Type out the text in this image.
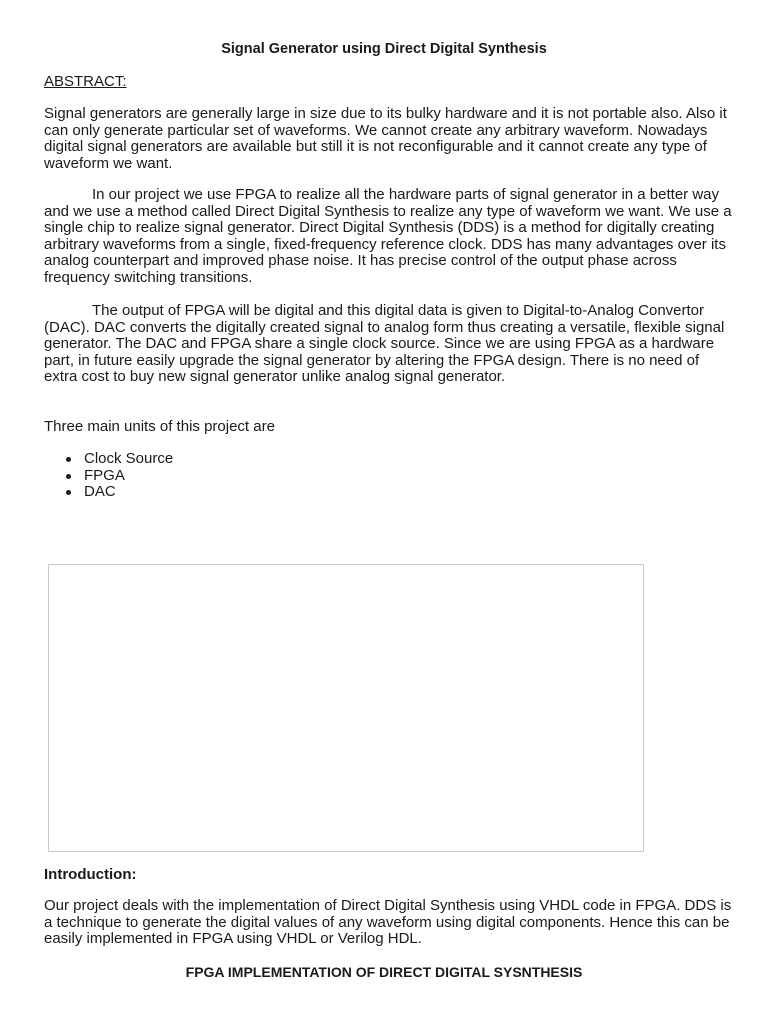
Signal Generator using Direct Digital Synthesis
ABSTRACT:

Signal generators are generally large in size due to its bulky hardware and it is not portable also. Also it can only generate particular set of waveforms. We cannot create any arbitrary waveform. Nowadays digital signal generators are available but still it is not reconfigurable and it cannot create any type of waveform we want.

In our project we use FPGA to realize all the hardware parts of signal generator in a better way and we use a method called Direct Digital Synthesis to realize any type of waveform we want. We use a single chip to realize signal generator. Direct Digital Synthesis (DDS) is a method for digitally creating arbitrary waveforms from a single, fixed-frequency reference clock. DDS has many advantages over its analog counterpart and improved phase noise. It has precise control of the output phase across frequency switching transitions.

The output of FPGA will be digital and this digital data is given to Digital-to-Analog Convertor (DAC). DAC converts the digitally created signal to analog form thus creating a versatile, flexible signal generator. The DAC and FPGA share a single clock source. Since we are using FPGA as a hardware part, in future easily upgrade the signal generator by altering the FPGA design. There is no need of extra cost to buy new signal generator unlike analog signal generator.

Three main units of this project are

Clock Source
FPGA
DAC
Introduction:

Our project deals with the implementation of Direct Digital Synthesis using VHDL code in FPGA. DDS is a technique to generate the digital values of any waveform using digital components. Hence this can be easily implemented in FPGA using VHDL or Verilog HDL.

FPGA IMPLEMENTATION OF DIRECT DIGITAL SYSNTHESIS
